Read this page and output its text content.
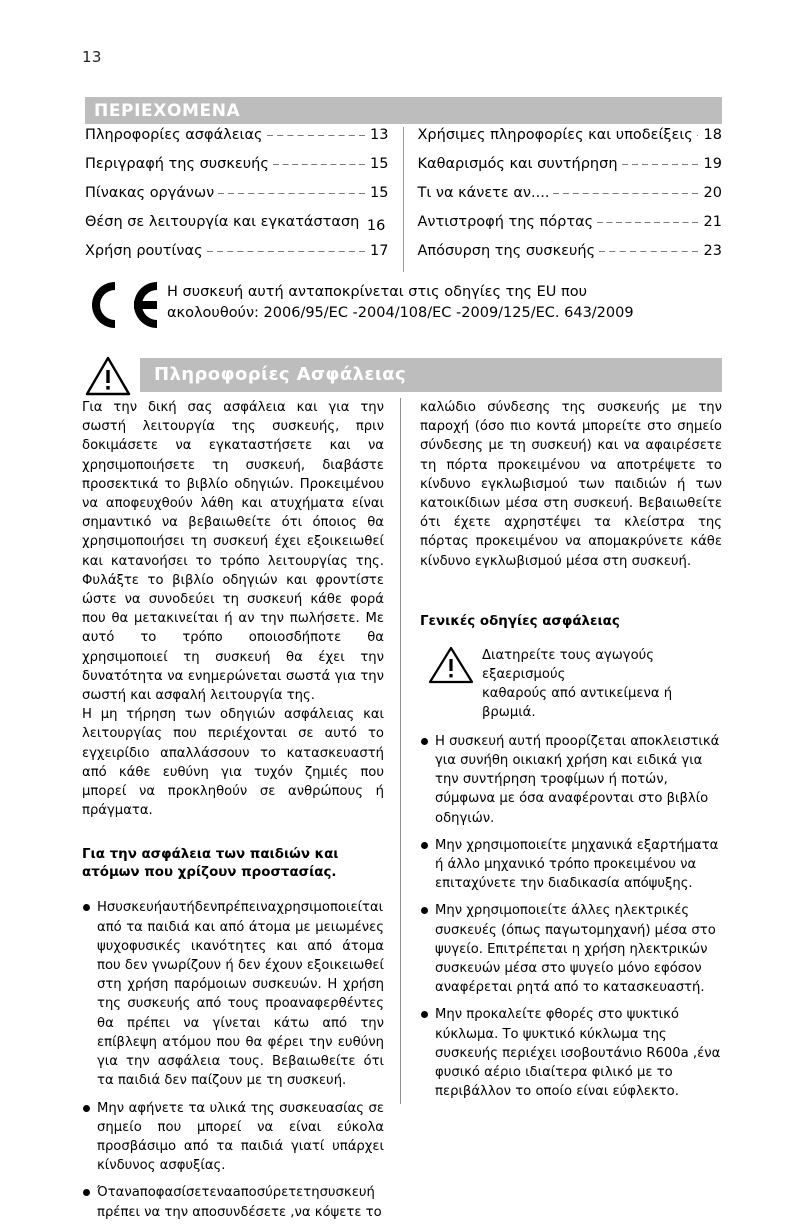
13
ΠΕΡΙΕΧΟΜΕΝΑ
Πληροφορίες ασφάλειας	13
Περιγραφή της συσκευής	15
Πίνακας οργάνων	15
Θέση σε λειτουργία και εγκατάσταση 16
Χρήση ρουτίνας	17
Χρήσιμες πληροφορίες και υποδείξεις 18
Καθαρισμός και συντήρηση	19
Τι να κάνετε αν....	20
Αντιστροφή της πόρτας	21
Απόσυρση της συσκευής	23
Η συσκευή αυτή ανταποκρίνεται στις οδηγίες της EU που
ακολουθούν: 2006/95/EC -2004/108/EC -2009/125/EC. 643/2009
Πληροφορίες Ασφάλειας

Για την δική σας ασφάλεια και για την σωστή λειτουργία της συσκευής, πριν δοκιμάσετε να εγκαταστήσετε και να χρησιμοποιήσετε τη συσκευή, διαβάστε προσεκτικά το βιβλίο οδηγιών. Προκειμένου να αποφευχθούν λάθη και ατυχήματα είναι σημαντικό να βεβαιωθείτε ότι όποιος θα χρησιμοποιήσει τη συσκευή έχει εξοικειωθεί και κατανοήσει το τρόπο λειτουργίας της. Φυλάξτε το βιβλίο οδηγιών και φροντίστε ώστε να συνοδεύει τη συσκευή κάθε φορά που θα μετακινείται ή αν την πωλήσετε. Με αυτό το τρόπο οποιοσδήποτε θα χρησιμοποιεί τη συσκευή θα έχει την δυνατότητα να ενημερώνεται σωστά για την σωστή και ασφαλή λειτουργία της.

Η μη τήρηση των οδηγιών ασφάλειας και λειτουργίας που περιέχονται σε αυτό το εγχειρίδιο απαλλάσσουν το κατασκευαστή από κάθε ευθύνη για τυχόν ζημιές που μπορεί να προκληθούν σε ανθρώπους ή πράγματα.

Για την ασφάλεια των παιδιών και ατόμων που χρίζουν προστασίας.
Ησυσκευήαυτήδενπρέπειναχρησιμοποιείται από τα παιδιά και από άτομα με μειωμένες ψυχοφυσικές ικανότητες και από άτομα που δεν γνωρίζουν ή δεν έχουν εξοικειωθεί στη χρήση παρόμοιων συσκευών. Η χρήση της συσκευής από τους προαναφερθέντες θα πρέπει να γίνεται κάτω από την επίβλεψη ατόμου που θα φέρει την ευθύνη για την ασφάλεια τους. Βεβαιωθείτε ότι τα παιδιά δεν παίζουν με τη συσκευή.
Μην αφήνετε τα υλικά της συσκευασίας σε σημείο που μπορεί να είναι εύκολα προσβάσιμο από τα παιδιά γιατί υπάρχει κίνδυνος ασφυξίας.
Ότανaποφασίσετεναaποσύρετετησυσκευή πρέπει να την αποσυνδέσετε ,να κόψετε το

καλώδιο σύνδεσης της συσκευής με την παροχή (όσο πιο κοντά μπορείτε στο σημείο σύνδεσης με τη συσκευή) και να αφαιρέσετε τη πόρτα προκειμένου να αποτρέψετε το κίνδυνο εγκλωβισμού των παιδιών ή των κατοικίδιων μέσα στη συσκευή. Βεβαιωθείτε ότι έχετε αχρηστέψει τα κλείστρα της πόρτας προκειμένου να απομακρύνετε κάθε κίνδυνο εγκλωβισμού μέσα στη συσκευή.

Γενικές οδηγίες ασφάλειας
Διατηρείτε τους αγωγούς εξαερισμούς
καθαρούς από αντικείμενα ή βρωμιά.
Η συσκευή αυτή προορίζεται αποκλειστικά για συνήθη οικιακή χρήση και ειδικά για την συντήρηση τροφίμων ή ποτών, σύμφωνα με όσα αναφέρονται στο βιβλίο οδηγιών.
Μην χρησιμοποιείτε μηχανικά εξαρτήματα ή άλλο μηχανικό τρόπο προκειμένου να επιταχύνετε την διαδικασία απόψυξης.
Μην χρησιμοποιείτε άλλες ηλεκτρικές συσκευές (όπως παγωτομηχανή) μέσα στο ψυγείο. Επιτρέπεται η χρήση ηλεκτρικών συσκευών μέσα στο ψυγείο μόνο εφόσον αναφέρεται ρητά από το κατασκευαστή.
Μην προκαλείτε φθορές στο ψυκτικό κύκλωμα. Το ψυκτικό κύκλωμα της συσκευής περιέχει ισοβουτάνιο R600a ,ένα φυσικό αέριο ιδιαίτερα φιλικό με το περιβάλλον το οποίο είναι εύφλεκτο.
